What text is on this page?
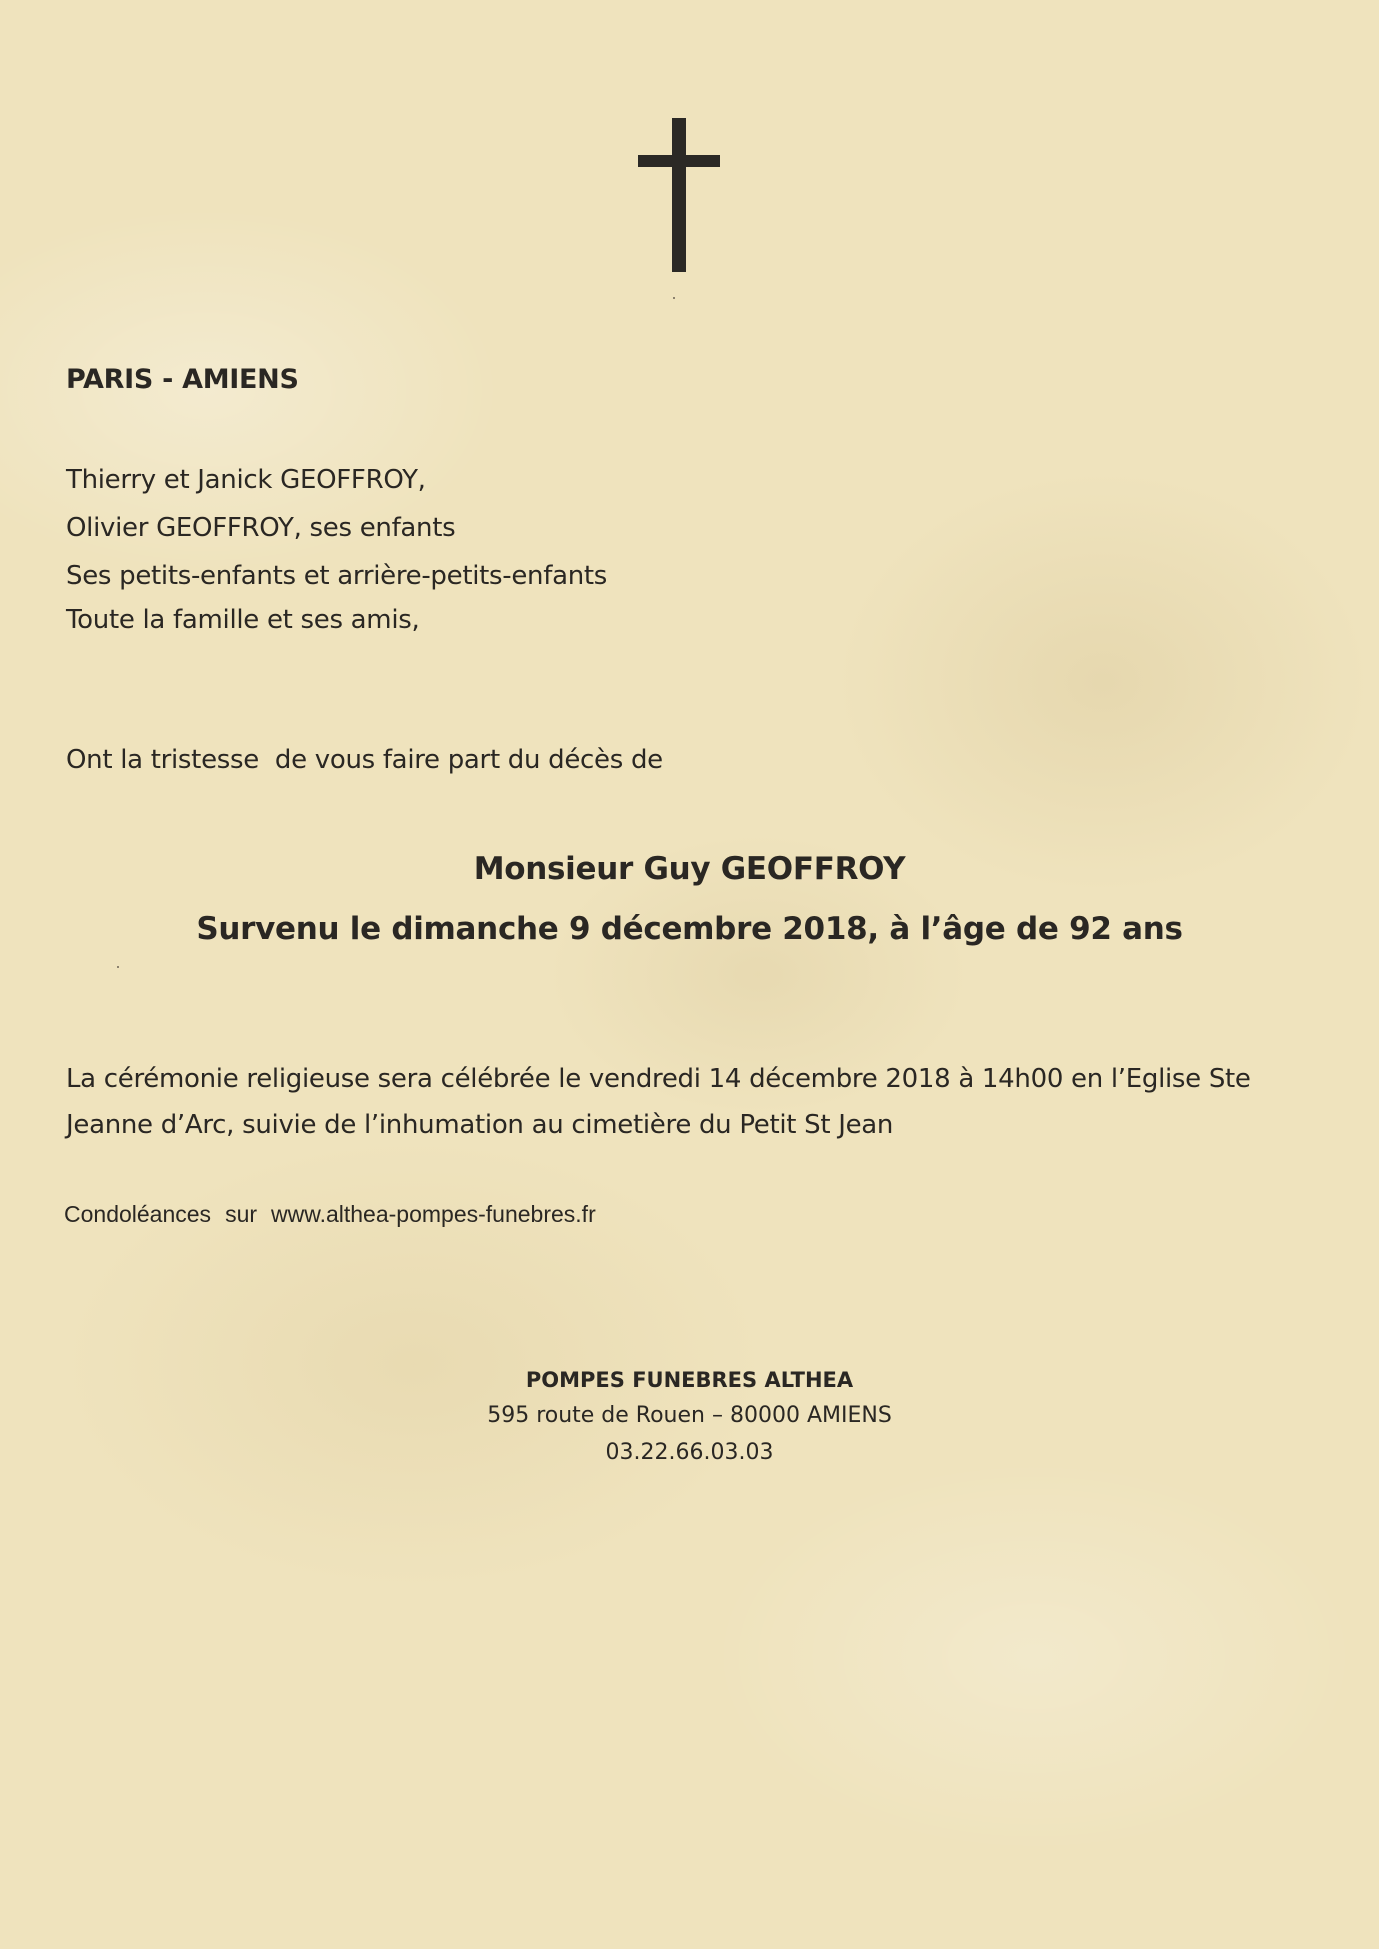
PARIS - AMIENS
Thierry et Janick GEOFFROY,
Olivier GEOFFROY, ses enfants
Ses petits-enfants et arrière-petits-enfants
Toute la famille et ses amis,
Ont la tristesse  de vous faire part du décès de
Monsieur Guy GEOFFROY
Survenu le dimanche 9 décembre 2018, à l’âge de 92 ans
La cérémonie religieuse sera célébrée le vendredi 14 décembre 2018 à 14h00 en l’Eglise Ste
Jeanne d’Arc, suivie de l’inhumation au cimetière du Petit St Jean
Condoléances sur www.althea-pompes-funebres.fr
POMPES FUNEBRES ALTHEA
595 route de Rouen – 80000 AMIENS
03.22.66.03.03
